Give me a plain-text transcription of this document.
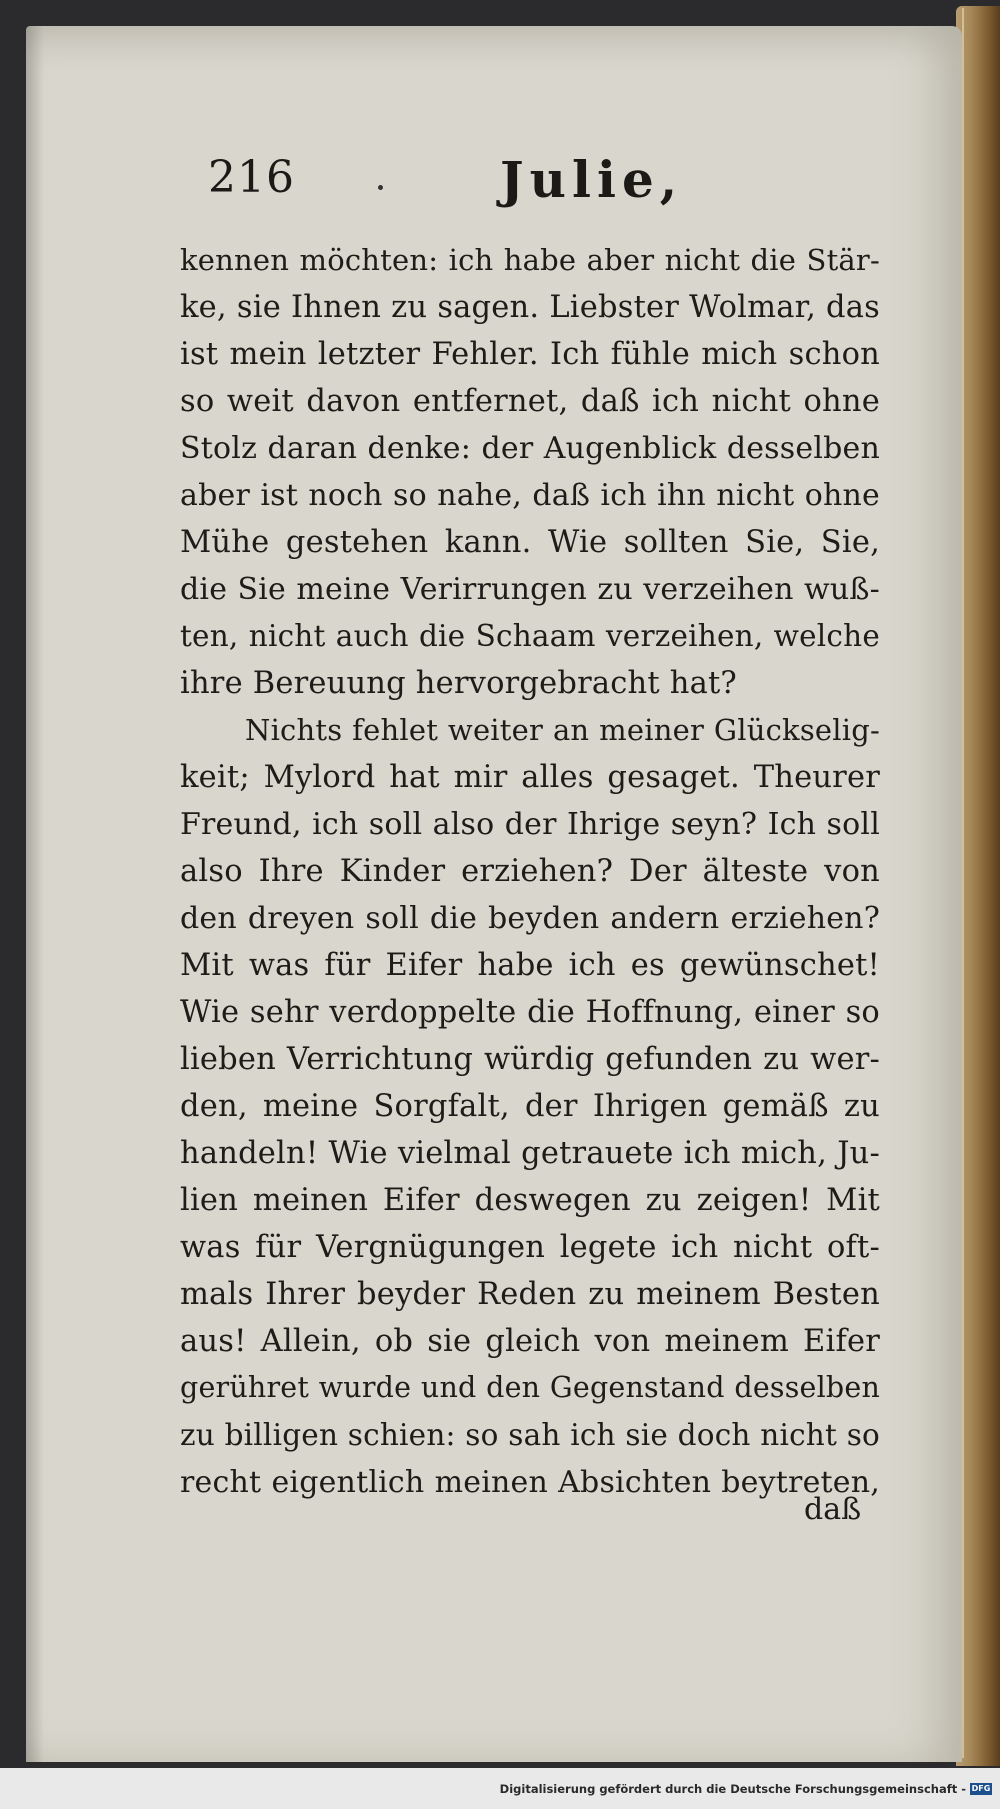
216	Julie,
kennen möchten: ich habe aber nicht die Stär-
ke, sie Ihnen zu sagen. Liebster Wolmar, das
ist mein letzter Fehler. Ich fühle mich schon
so weit davon entfernet, daß ich nicht ohne
Stolz daran denke: der Augenblick desselben
aber ist noch so nahe, daß ich ihn nicht ohne
Mühe gestehen kann. Wie sollten Sie, Sie,
die Sie meine Verirrungen zu verzeihen wuß-
ten, nicht auch die Schaam verzeihen, welche
ihre Bereuung hervorgebracht hat?
Nichts fehlet weiter an meiner Glückselig-
keit; Mylord hat mir alles gesaget. Theurer
Freund, ich soll also der Ihrige seyn? Ich soll
also Ihre Kinder erziehen? Der älteste von
den dreyen soll die beyden andern erziehen?
Mit was für Eifer habe ich es gewünschet!
Wie sehr verdoppelte die Hoffnung, einer so
lieben Verrichtung würdig gefunden zu wer-
den, meine Sorgfalt, der Ihrigen gemäß zu
handeln! Wie vielmal getrauete ich mich, Ju-
lien meinen Eifer deswegen zu zeigen! Mit
was für Vergnügungen legete ich nicht oft-
mals Ihrer beyder Reden zu meinem Besten
aus! Allein, ob sie gleich von meinem Eifer
gerühret wurde und den Gegenstand desselben
zu billigen schien: so sah ich sie doch nicht so
recht eigentlich meinen Absichten beytreten,
daß
Digitalisierung gefördert durch die Deutsche Forschungsgemeinschaft - DFG
